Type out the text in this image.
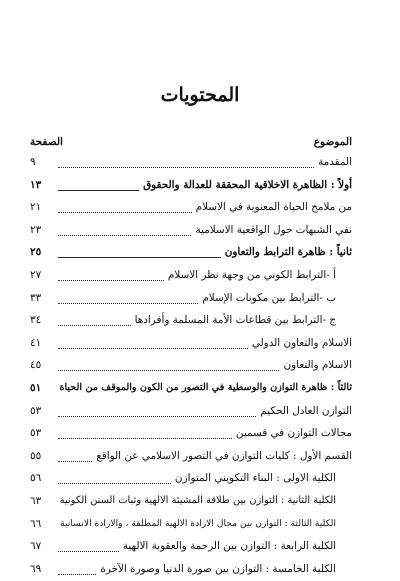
المحتويات
الموضوع
الصفحة
المقدمة
٩
أولاً : الظاهرة الاخلاقية المحققة للعدالة والحقوق
١٣
من ملامح الحياة المعنوية في الاسلام
٢١
نفي الشبهات حول الواقعية الاسلامية
٢٣
ثانياً : ظاهرة الترابط والتعاون
٢٥
أ -الترابط الكوني من وجهة نظر الاسلام
٢٧
ب -الترابط بين مكونات الإسلام
٣٣
ج -الترابط بين قطاعات الأمة المسلمة وأفرادها
٣٤
الاسلام والتعاون الدولي
٤١
الاسلام والتعاون
٤٥
ثالثاً : ظاهرة التوازن والوسطية في التصور من الكون والموقف من الحياة
٥١
التوازن العادل الحكيم
٥٣
مجالات التوازن في قسمين
٥٣
القسم الأول : كليات التوازن في التصور الاسلامي عن الواقع
٥٥
الكلية الاولى : البناء التكويني المتوازن
٥٦
الكلية الثانية : التوازن بين طلاقة المشيئة الالهية وثبات السنن الكونية
٦٣
الكلية الثالثة : التوازن بين مجال الارادة الالهية المطلقة ، والارادة الانسانية
٦٦
الكلية الرابعة : التوازن بين الرحمة والعقوبة الالهية
٦٧
الكلية الخامسة : التوازن بين صورة الدنيا وصورة الآخرة
٦٩
